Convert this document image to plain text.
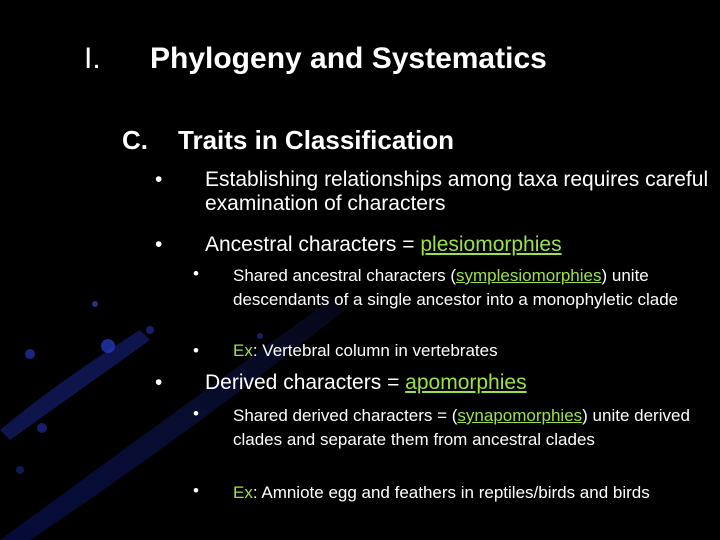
I. Phylogeny and Systematics
C. Traits in Classification
• Establishing relationships among taxa requires careful examination of characters
• Ancestral characters = plesiomorphies
• Shared ancestral characters (symplesiomorphies) unite descendants of a single ancestor into a monophyletic clade
• Ex: Vertebral column in vertebrates
• Derived characters = apomorphies
• Shared derived characters = (synapomorphies) unite derived clades and separate them from ancestral clades
• Ex: Amniote egg and feathers in reptiles/birds and birds
